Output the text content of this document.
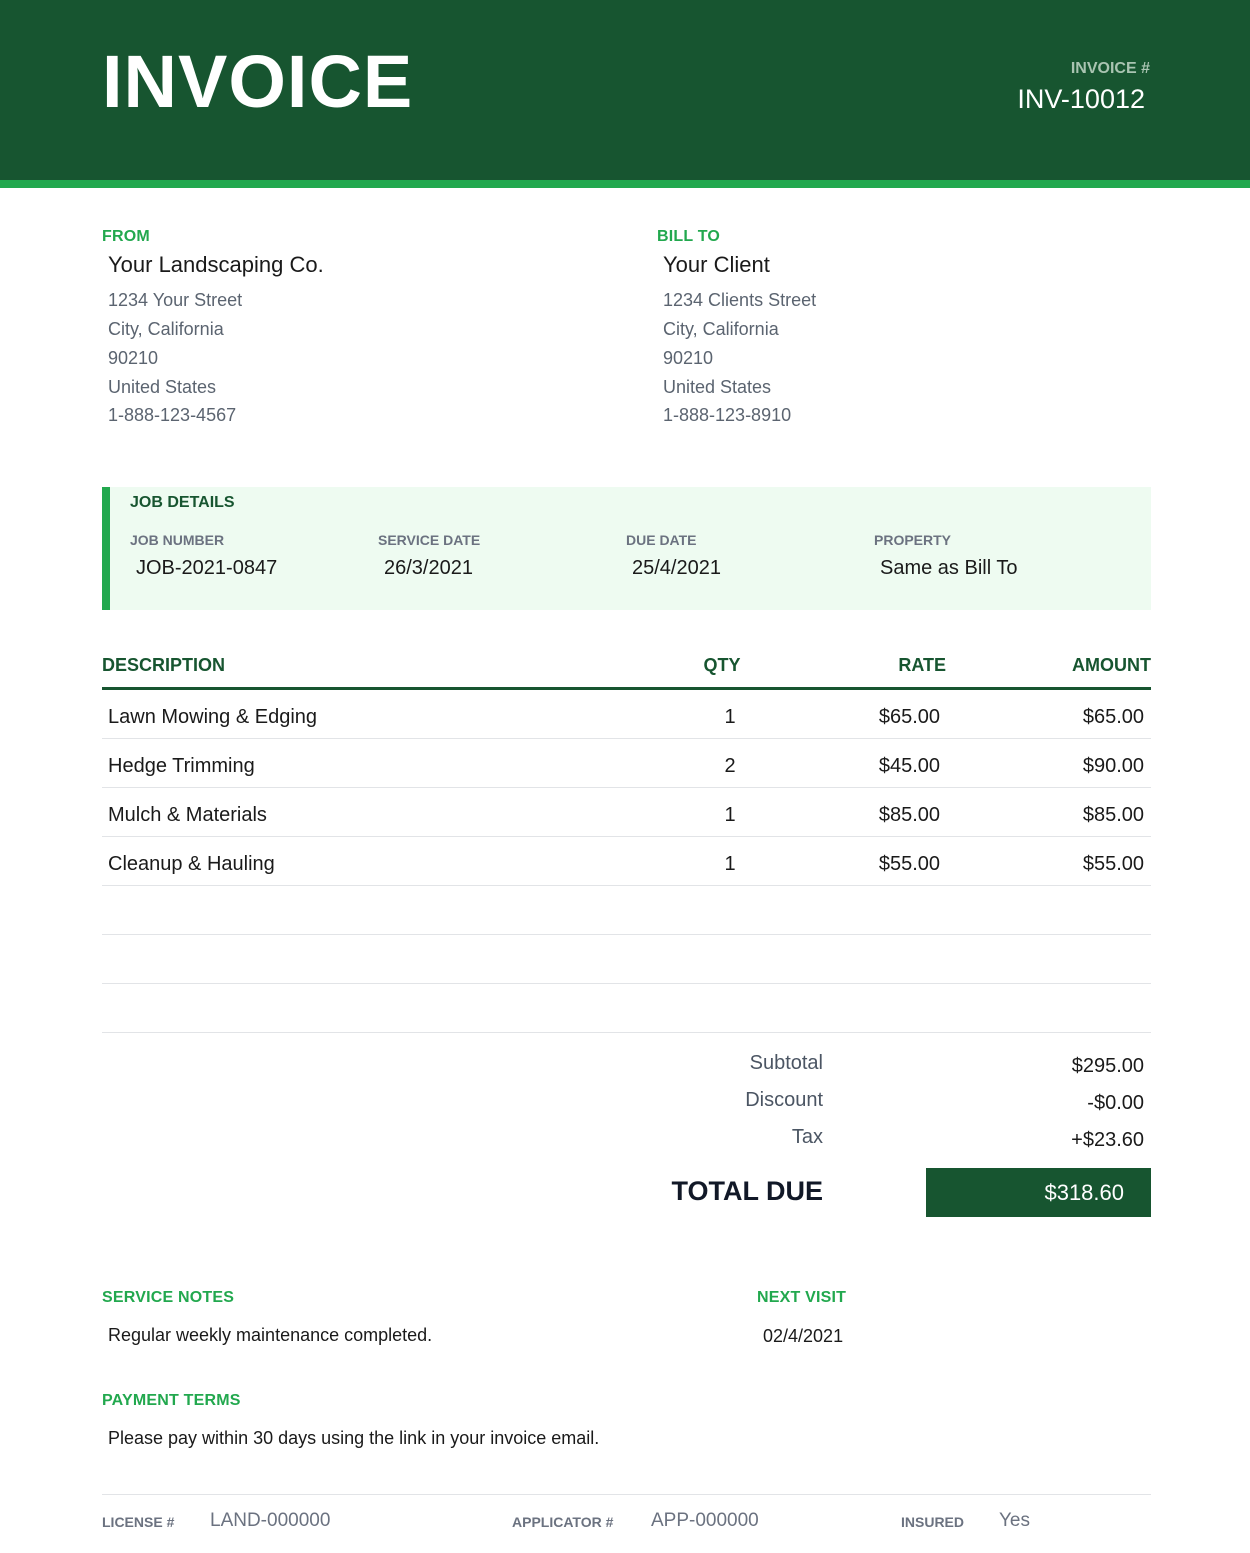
INVOICE	INVOICE #
INV-10012
FROM
Your Landscaping Co.
1234 Your Street
City, California
90210
United States
1-888-123-4567
BILL TO
Your Client
1234 Clients Street
City, California
90210
United States
1-888-123-8910
JOB DETAILS
JOB NUMBER
JOB-2021-0847
SERVICE DATE
26/3/2021
DUE DATE
25/4/2021
PROPERTY
Same as Bill To
DESCRIPTION	QTY	RATE	AMOUNT
Lawn Mowing & Edging	1	$65.00	$65.00
Hedge Trimming	2	$45.00	$90.00
Mulch & Materials	1	$85.00	$85.00
Cleanup & Hauling	1	$55.00	$55.00
Subtotal	$295.00
Discount	-$0.00
Tax	+$23.60
TOTAL DUE	$318.60
SERVICE NOTES
Regular weekly maintenance completed.
NEXT VISIT
02/4/2021
PAYMENT TERMS
Please pay within 30 days using the link in your invoice email.
LICENSE # LAND-000000	APPLICATOR # APP-000000	INSURED Yes
